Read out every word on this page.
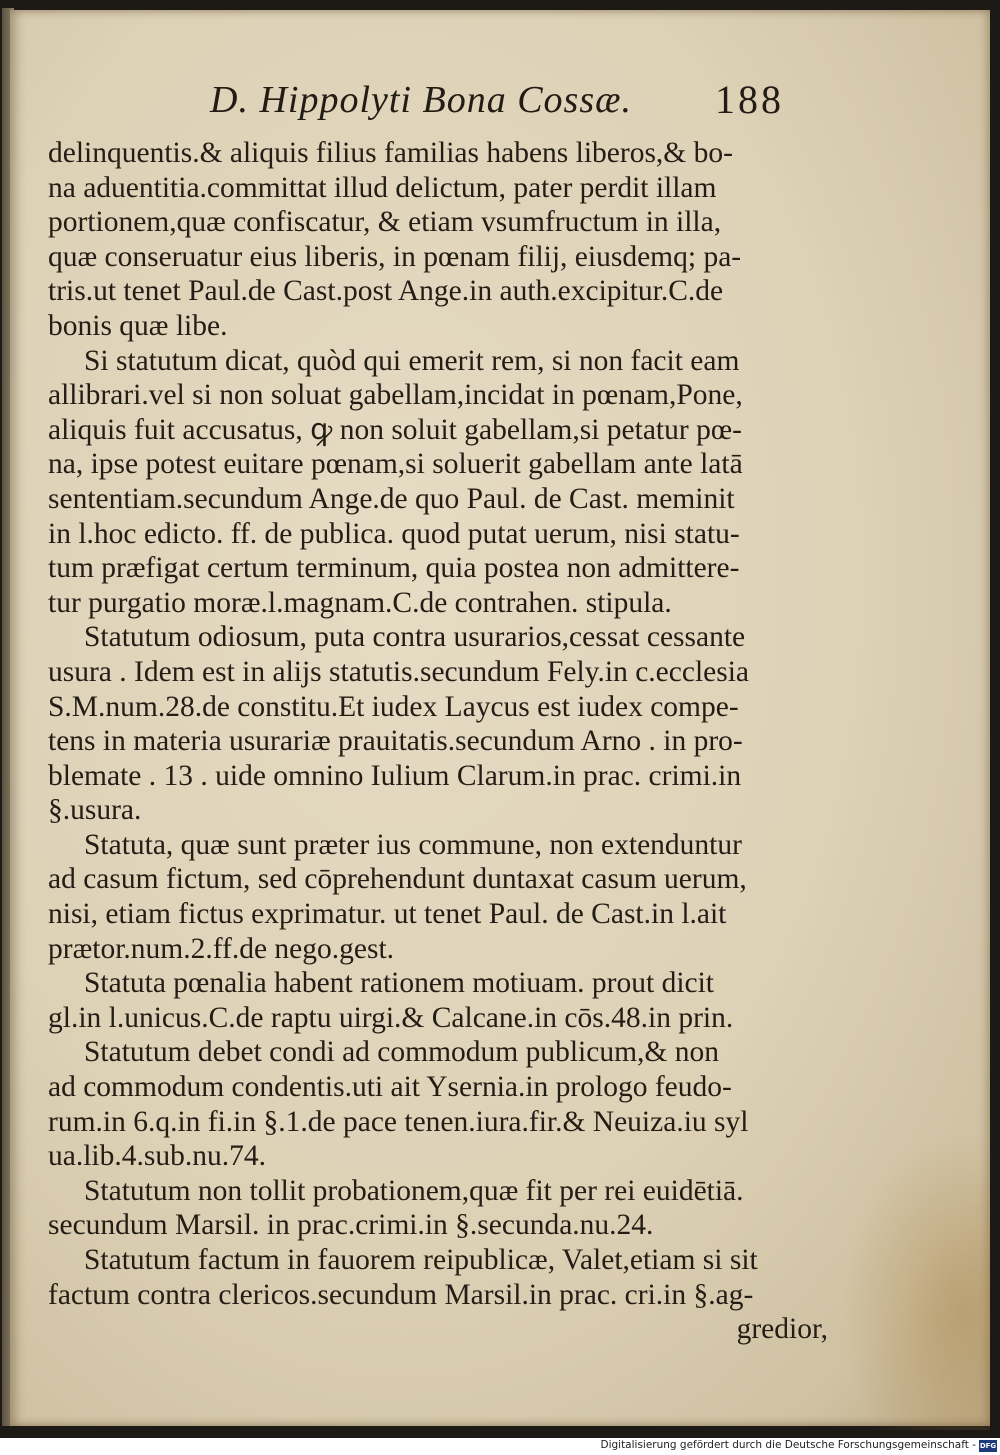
D. Hippolyti Bona Cossæ. 188
delinquentis.& aliquis filius familias habens liberos,& bo-
na aduentitia.committat illud delictum, pater perdit illam
portionem,quæ confiscatur, & etiam vsumfructum in illa,
quæ conseruatur eius liberis, in pœnam filij, eiusdemq; pa-
tris.ut tenet Paul.de Cast.post Ange.in auth.excipitur.C.de
bonis quæ libe.
Si statutum dicat, quòd qui emerit rem, si non facit eam
allibrari.vel si non soluat gabellam,incidat in pœnam,Pone,
aliquis fuit accusatus, ꝙ non soluit gabellam,si petatur pœ-
na, ipse potest euitare pœnam,si soluerit gabellam ante latā
sententiam.secundum Ange.de quo Paul. de Cast. meminit
in l.hoc edicto. ff. de publica. quod putat uerum, nisi statu-
tum præfigat certum terminum, quia postea non admittere-
tur purgatio moræ.l.magnam.C.de contrahen. stipula.
Statutum odiosum, puta contra usurarios,cessat cessante
usura . Idem est in alijs statutis.secundum Fely.in c.ecclesia
S.M.num.28.de constitu.Et iudex Laycus est iudex compe-
tens in materia usurariæ prauitatis.secundum Arno . in pro-
blemate . 13 . uide omnino Iulium Clarum.in prac. crimi.in
§.usura.
Statuta, quæ sunt præter ius commune, non extenduntur
ad casum fictum, sed cōprehendunt duntaxat casum uerum,
nisi, etiam fictus exprimatur. ut tenet Paul. de Cast.in l.ait
prætor.num.2.ff.de nego.gest.
Statuta pœnalia habent rationem motiuam. prout dicit
gl.in l.unicus.C.de raptu uirgi.& Calcane.in cōs.48.in prin.
Statutum debet condi ad commodum publicum,& non
ad commodum condentis.uti ait Ysernia.in prologo feudo-
rum.in 6.q.in fi.in §.1.de pace tenen.iura.fir.& Neuiza.iu syl
ua.lib.4.sub.nu.74.
Statutum non tollit probationem,quæ fit per rei euidētiā.
secundum Marsil. in prac.crimi.in §.secunda.nu.24.
Statutum factum in fauorem reipublicæ, Valet,etiam si sit
factum contra clericos.secundum Marsil.in prac. cri.in §.ag-
gredior,
Digitalisierung gefördert durch die Deutsche Forschungsgemeinschaft - DFG
